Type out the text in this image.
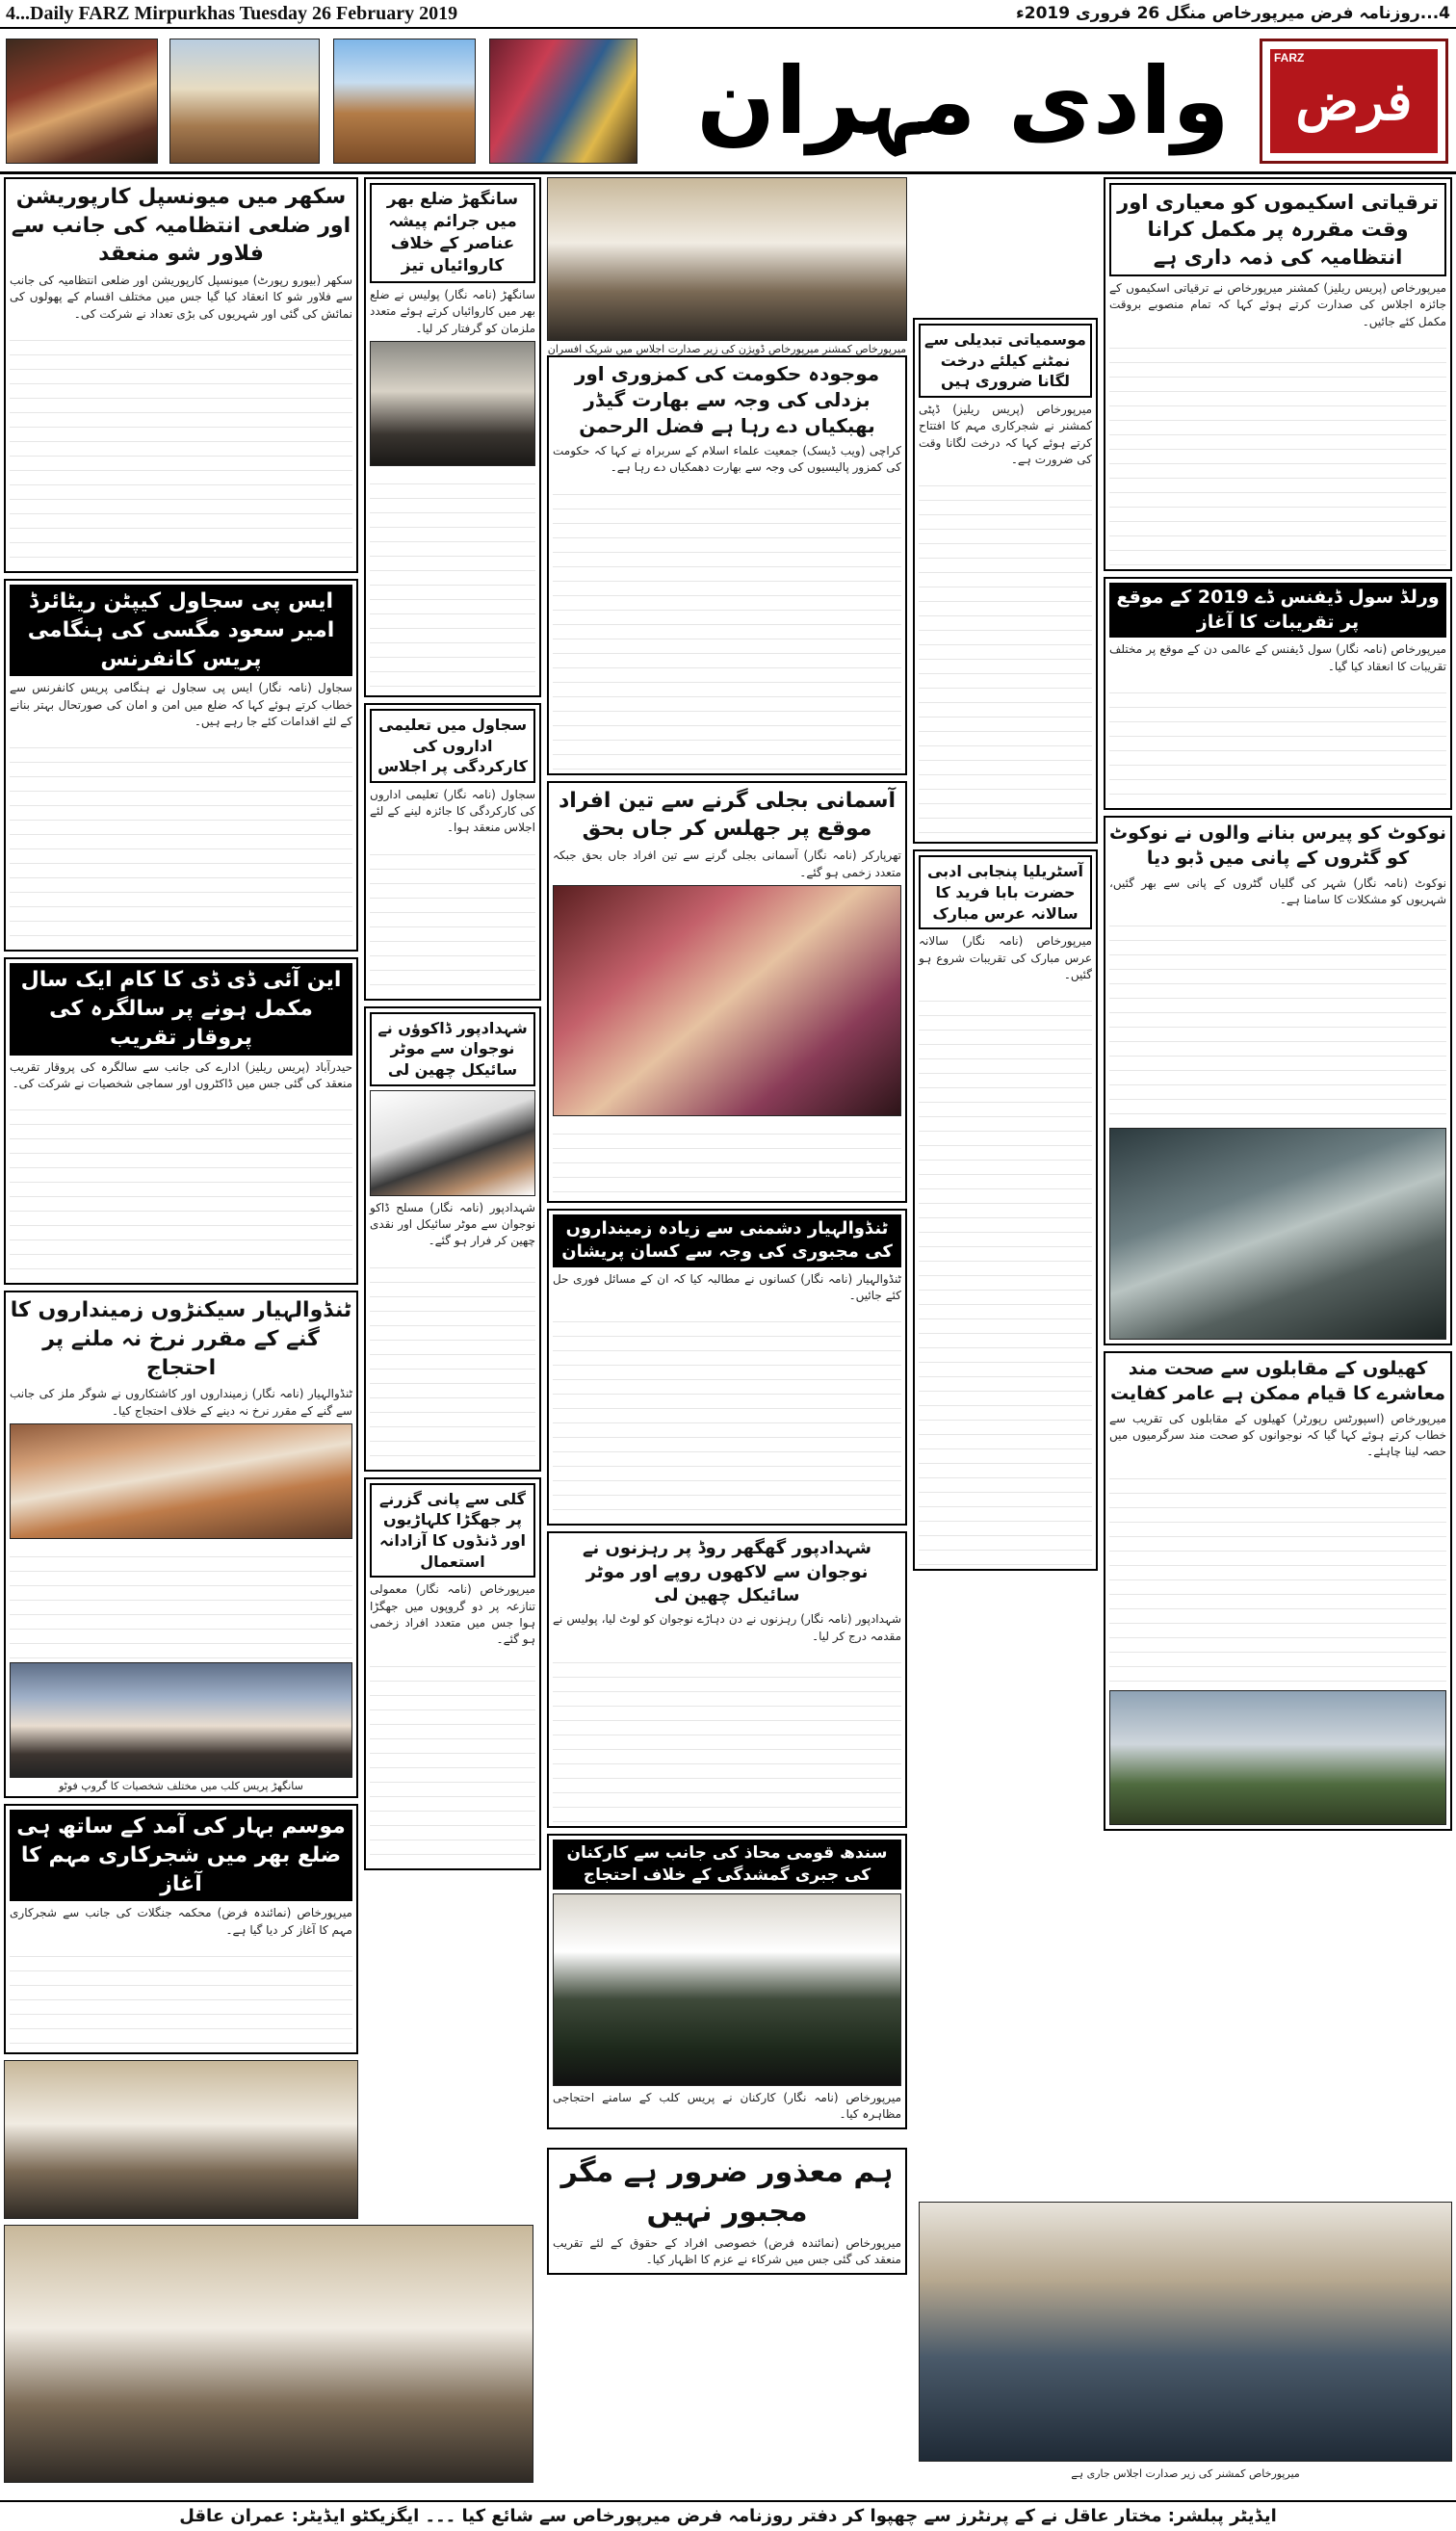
4...Daily FARZ Mirpurkhas Tuesday 26 February 2019	4...روزنامہ فرض میرپورخاص منگل 26 فروری 2019ء
وادی مہران	فرض
FARZ
سکھر میں میونسپل کارپوریشن اور ضلعی انتظامیہ کی جانب سے فلاور شو منعقد
سکھر (بیورو رپورٹ) میونسپل کارپوریشن اور ضلعی انتظامیہ کی جانب سے فلاور شو کا انعقاد کیا گیا جس میں مختلف اقسام کے پھولوں کی نمائش کی گئی اور شہریوں کی بڑی تعداد نے شرکت کی۔
ایس پی سجاول کیپٹن ریٹائرڈ امیر سعود مگسی کی ہنگامی پریس کانفرنس
سجاول (نامہ نگار) ایس پی سجاول نے ہنگامی پریس کانفرنس سے خطاب کرتے ہوئے کہا کہ ضلع میں امن و امان کی صورتحال بہتر بنانے کے لئے اقدامات کئے جا رہے ہیں۔
این آئی ڈی ڈی کا کام ایک سال مکمل ہونے پر سالگرہ کی پروقار تقریب
حیدرآباد (پریس ریلیز) ادارے کی جانب سے سالگرہ کی پروقار تقریب منعقد کی گئی جس میں ڈاکٹروں اور سماجی شخصیات نے شرکت کی۔
ٹنڈوالہیار سیکنڑوں زمینداروں کا گنے کے مقرر نرخ نہ ملنے پر احتجاج
ٹنڈوالہیار (نامہ نگار) زمینداروں اور کاشتکاروں نے شوگر ملز کی جانب سے گنے کے مقرر نرخ نہ دینے کے خلاف احتجاج کیا۔
سانگھڑ پریس کلب میں مختلف شخصیات کا گروپ فوٹو
موسم بہار کی آمد کے ساتھ ہی ضلع بھر میں شجرکاری مہم کا آغاز
میرپورخاص (نمائندہ فرض) محکمہ جنگلات کی جانب سے شجرکاری مہم کا آغاز کر دیا گیا ہے۔
سانگھڑ ضلع بھر میں جرائم پیشہ عناصر کے خلاف کاروائیاں تیز
سانگھڑ (نامہ نگار) پولیس نے ضلع بھر میں کاروائیاں کرتے ہوئے متعدد ملزمان کو گرفتار کر لیا۔
سجاول میں تعلیمی اداروں کی کارکردگی پر اجلاس
سجاول (نامہ نگار) تعلیمی اداروں کی کارکردگی کا جائزہ لینے کے لئے اجلاس منعقد ہوا۔
شہدادپور ڈاکوؤں نے نوجوان سے موٹر سائیکل چھین لی
شہدادپور (نامہ نگار) مسلح ڈاکو نوجوان سے موٹر سائیکل اور نقدی چھین کر فرار ہو گئے۔
گلی سے پانی گزرنے پر جھگڑا کلہاڑیوں اور ڈنڈوں کا آزادانہ استعمال
میرپورخاص (نامہ نگار) معمولی تنازعہ پر دو گروپوں میں جھگڑا ہوا جس میں متعدد افراد زخمی ہو گئے۔
میرپورخاص کمشنر میرپورخاص ڈویژن کی زیر صدارت اجلاس میں شریک افسران
موجودہ حکومت کی کمزوری اور بزدلی کی وجہ سے بھارت گیڈر بھبکیاں دے رہا ہے فضل الرحمن
کراچی (ویب ڈیسک) جمعیت علماء اسلام کے سربراہ نے کہا کہ حکومت کی کمزور پالیسیوں کی وجہ سے بھارت دھمکیاں دے رہا ہے۔
آسمانی بجلی گرنے سے تین افراد موقع پر جھلس کر جاں بحق
تھرپارکر (نامہ نگار) آسمانی بجلی گرنے سے تین افراد جاں بحق جبکہ متعدد زخمی ہو گئے۔
ٹنڈوالہیار دشمنی سے زیادہ زمینداروں کی مجبوری کی وجہ سے کسان پریشان
ٹنڈوالہیار (نامہ نگار) کسانوں نے مطالبہ کیا کہ ان کے مسائل فوری حل کئے جائیں۔
شہدادپور گھگھر روڈ پر رہزنوں نے نوجوان سے لاکھوں روپے اور موٹر سائیکل چھین لی
شہدادپور (نامہ نگار) رہزنوں نے دن دہاڑے نوجوان کو لوٹ لیا، پولیس نے مقدمہ درج کر لیا۔
سندھ قومی محاذ کی جانب سے کارکنان کی جبری گمشدگی کے خلاف احتجاج
میرپورخاص (نامہ نگار) کارکنان نے پریس کلب کے سامنے احتجاجی مظاہرہ کیا۔
موسمیاتی تبدیلی سے نمٹنے کیلئے درخت لگانا ضروری ہیں
میرپورخاص (پریس ریلیز) ڈپٹی کمشنر نے شجرکاری مہم کا افتتاح کرتے ہوئے کہا کہ درخت لگانا وقت کی ضرورت ہے۔
آسٹریلیا پنجابی ادبی حضرت بابا فرید کا سالانہ عرس مبارک
میرپورخاص (نامہ نگار) سالانہ عرس مبارک کی تقریبات شروع ہو گئیں۔
ترقیاتی اسکیموں کو معیاری اور وقت مقررہ پر مکمل کرانا انتظامیہ کی ذمہ داری ہے
میرپورخاص (پریس ریلیز) کمشنر میرپورخاص نے ترقیاتی اسکیموں کے جائزہ اجلاس کی صدارت کرتے ہوئے کہا کہ تمام منصوبے بروقت مکمل کئے جائیں۔
ورلڈ سول ڈیفنس ڈے 2019 کے موقع پر تقریبات کا آغاز
میرپورخاص (نامہ نگار) سول ڈیفنس کے عالمی دن کے موقع پر مختلف تقریبات کا انعقاد کیا گیا۔
نوکوٹ کو پیرس بنانے والوں نے نوکوٹ کو گٹروں کے پانی میں ڈبو دیا
نوکوٹ (نامہ نگار) شہر کی گلیاں گٹروں کے پانی سے بھر گئیں، شہریوں کو مشکلات کا سامنا ہے۔
کھیلوں کے مقابلوں سے صحت مند معاشرے کا قیام ممکن ہے عامر کفایت
میرپورخاص (اسپورٹس رپورٹر) کھیلوں کے مقابلوں کی تقریب سے خطاب کرتے ہوئے کہا گیا کہ نوجوانوں کو صحت مند سرگرمیوں میں حصہ لینا چاہئے۔
ہم معذور ضرور ہے مگر مجبور نہیں
میرپورخاص (نمائندہ فرض) خصوصی افراد کے حقوق کے لئے تقریب منعقد کی گئی جس میں شرکاء نے عزم کا اظہار کیا۔
میرپورخاص کمشنر کی زیر صدارت اجلاس جاری ہے
ایڈیٹر پبلشر: مختار عاقل نے کے پرنٹرز سے چھپوا کر دفتر روزنامہ فرض میرپورخاص سے شائع کیا ۔۔۔ ایگزیکٹو ایڈیٹر: عمران عاقل
